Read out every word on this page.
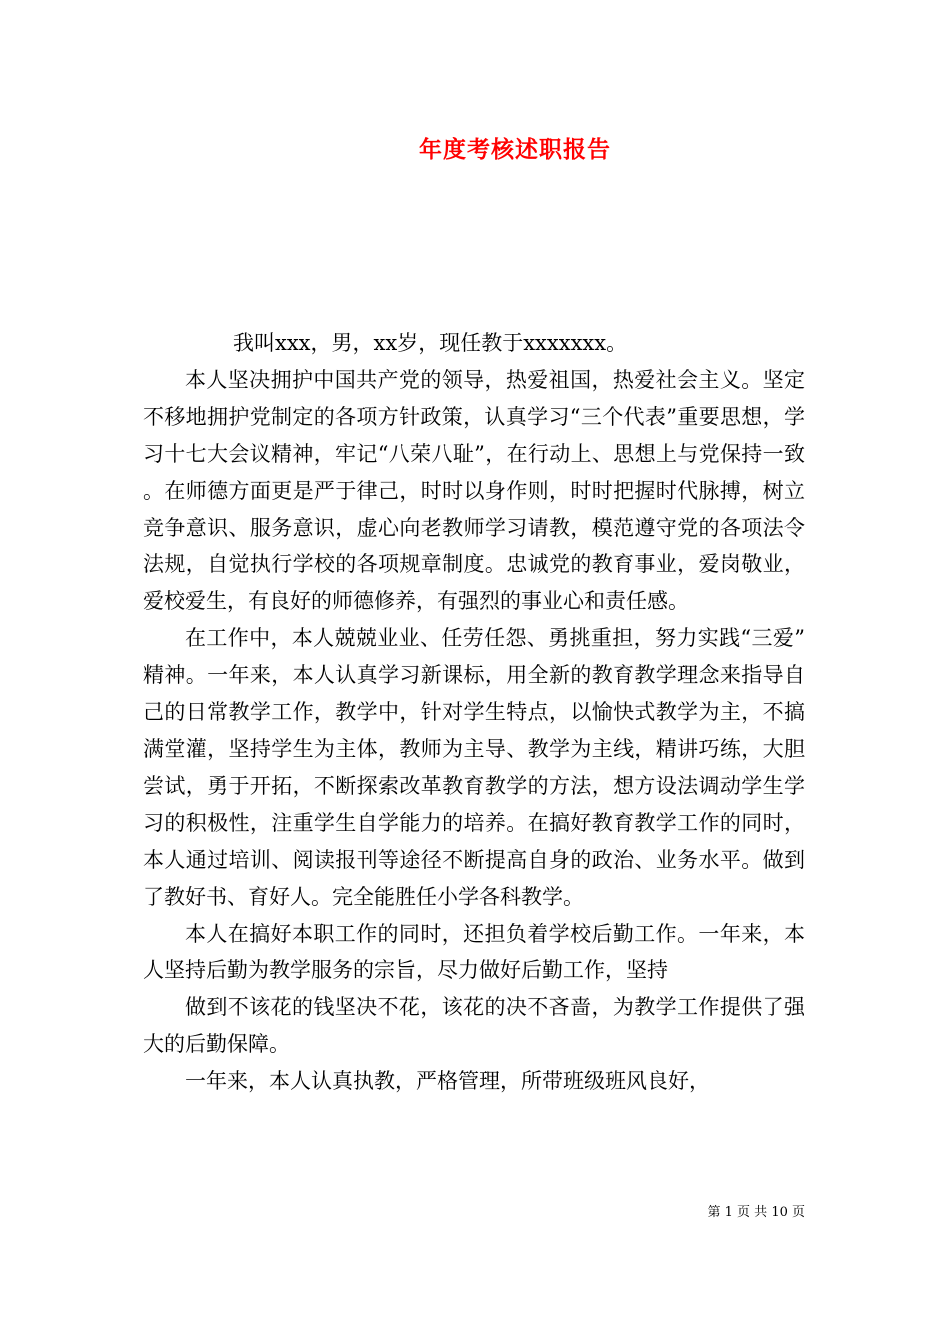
年度考核述职报告

我叫xxx，男，xx岁，现任教于xxxxxxx。

本人坚决拥护中国共产党的领导，热爱祖国，热爱社会主义。坚定不移地拥护党制定的各项方针政策，认真学习“三个代表”重要思想，学习十七大会议精神，牢记“八荣八耻”，在行动上、思想上与党保持一致。在师德方面更是严于律己，时时以身作则，时时把握时代脉搏，树立竞争意识、服务意识，虚心向老教师学习请教，模范遵守党的各项法令法规，自觉执行学校的各项规章制度。忠诚党的教育事业，爱岗敬业，爱校爱生，有良好的师德修养，有强烈的事业心和责任感。

在工作中，本人兢兢业业、任劳任怨、勇挑重担，努力实践“三爱”精神。一年来，本人认真学习新课标，用全新的教育教学理念来指导自己的日常教学工作，教学中，针对学生特点，以愉快式教学为主，不搞满堂灌，坚持学生为主体，教师为主导、教学为主线，精讲巧练，大胆尝试，勇于开拓，不断探索改革教育教学的方法，想方设法调动学生学习的积极性，注重学生自学能力的培养。在搞好教育教学工作的同时，本人通过培训、阅读报刊等途径不断提高自身的政治、业务水平。做到了教好书、育好人。完全能胜任小学各科教学。

本人在搞好本职工作的同时，还担负着学校后勤工作。一年来，本人坚持后勤为教学服务的宗旨，尽力做好后勤工作，坚持

做到不该花的钱坚决不花，该花的决不吝啬，为教学工作提供了强大的后勤保障。

一年来，本人认真执教，严格管理，所带班级班风良好，

第 1 页 共 10 页
